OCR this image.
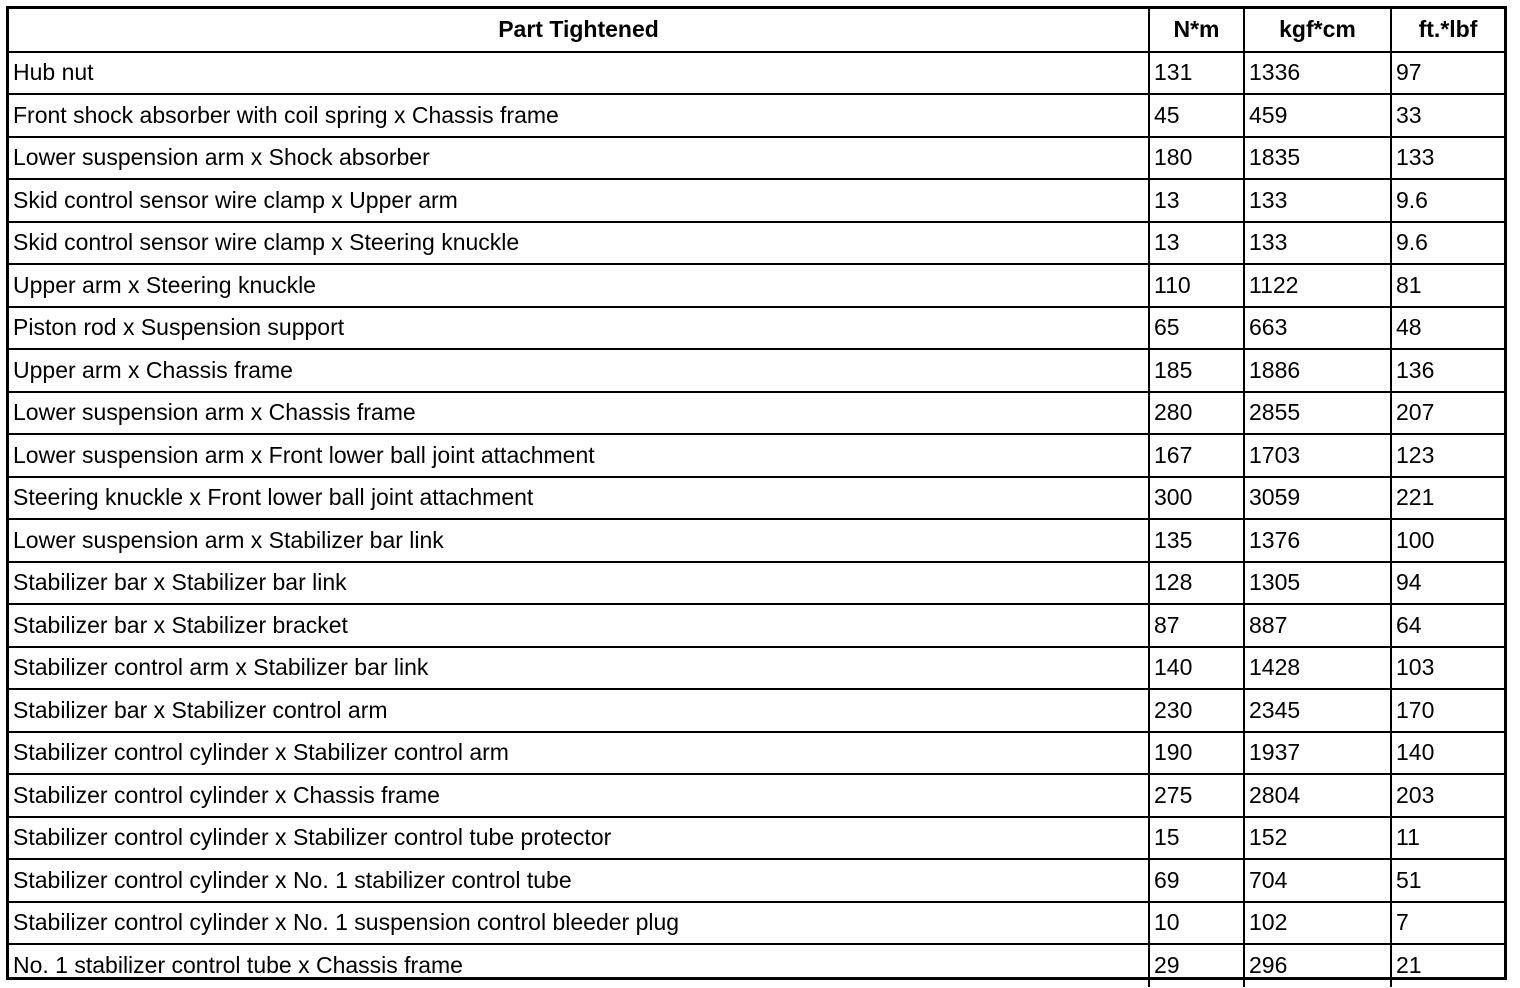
Part Tightened	N*m	kgf*cm	ft.*lbf
Hub nut	131	1336	97
Front shock absorber with coil spring x Chassis frame	45	459	33
Lower suspension arm x Shock absorber	180	1835	133
Skid control sensor wire clamp x Upper arm	13	133	9.6
Skid control sensor wire clamp x Steering knuckle	13	133	9.6
Upper arm x Steering knuckle	110	1122	81
Piston rod x Suspension support	65	663	48
Upper arm x Chassis frame	185	1886	136
Lower suspension arm x Chassis frame	280	2855	207
Lower suspension arm x Front lower ball joint attachment	167	1703	123
Steering knuckle x Front lower ball joint attachment	300	3059	221
Lower suspension arm x Stabilizer bar link	135	1376	100
Stabilizer bar x Stabilizer bar link	128	1305	94
Stabilizer bar x Stabilizer bracket	87	887	64
Stabilizer control arm x Stabilizer bar link	140	1428	103
Stabilizer bar x Stabilizer control arm	230	2345	170
Stabilizer control cylinder x Stabilizer control arm	190	1937	140
Stabilizer control cylinder x Chassis frame	275	2804	203
Stabilizer control cylinder x Stabilizer control tube protector	15	152	11
Stabilizer control cylinder x No. 1 stabilizer control tube	69	704	51
Stabilizer control cylinder x No. 1 suspension control bleeder plug	10	102	7
No. 1 stabilizer control tube x Chassis frame	29	296	21
